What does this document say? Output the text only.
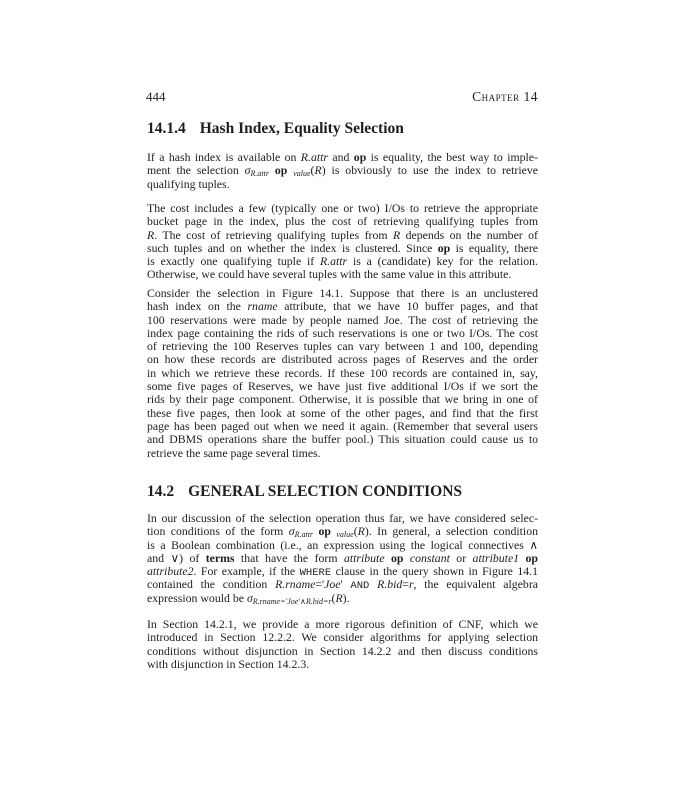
444	Chapter 14
14.1.4 Hash Index, Equality Selection
If a hash index is available on R.attr and op is equality, the best way to imple-
ment the selection σR.attr op value(R) is obviously to use the index to retrieve
qualifying tuples.
The cost includes a few (typically one or two) I/Os to retrieve the appropriate
bucket page in the index, plus the cost of retrieving qualifying tuples from
R. The cost of retrieving qualifying tuples from R depends on the number of
such tuples and on whether the index is clustered. Since op is equality, there
is exactly one qualifying tuple if R.attr is a (candidate) key for the relation.
Otherwise, we could have several tuples with the same value in this attribute.
Consider the selection in Figure 14.1. Suppose that there is an unclustered
hash index on the rname attribute, that we have 10 buffer pages, and that
100 reservations were made by people named Joe. The cost of retrieving the
index page containing the rids of such reservations is one or two I/Os. The cost
of retrieving the 100 Reserves tuples can vary between 1 and 100, depending
on how these records are distributed across pages of Reserves and the order
in which we retrieve these records. If these 100 records are contained in, say,
some five pages of Reserves, we have just five additional I/Os if we sort the
rids by their page component. Otherwise, it is possible that we bring in one of
these five pages, then look at some of the other pages, and find that the first
page has been paged out when we need it again. (Remember that several users
and DBMS operations share the buffer pool.) This situation could cause us to
retrieve the same page several times.
14.2 GENERAL SELECTION CONDITIONS
In our discussion of the selection operation thus far, we have considered selec-
tion conditions of the form σR.attr op value(R). In general, a selection condition
is a Boolean combination (i.e., an expression using the logical connectives ∧
and ∨) of terms that have the form attribute op constant or attribute1 op
attribute2. For example, if the WHERE clause in the query shown in Figure 14.1
contained the condition R.rname='Joe' AND R.bid=r, the equivalent algebra
expression would be σR.rname='Joe'∧R.bid=r(R).
In Section 14.2.1, we provide a more rigorous definition of CNF, which we
introduced in Section 12.2.2. We consider algorithms for applying selection
conditions without disjunction in Section 14.2.2 and then discuss conditions
with disjunction in Section 14.2.3.
